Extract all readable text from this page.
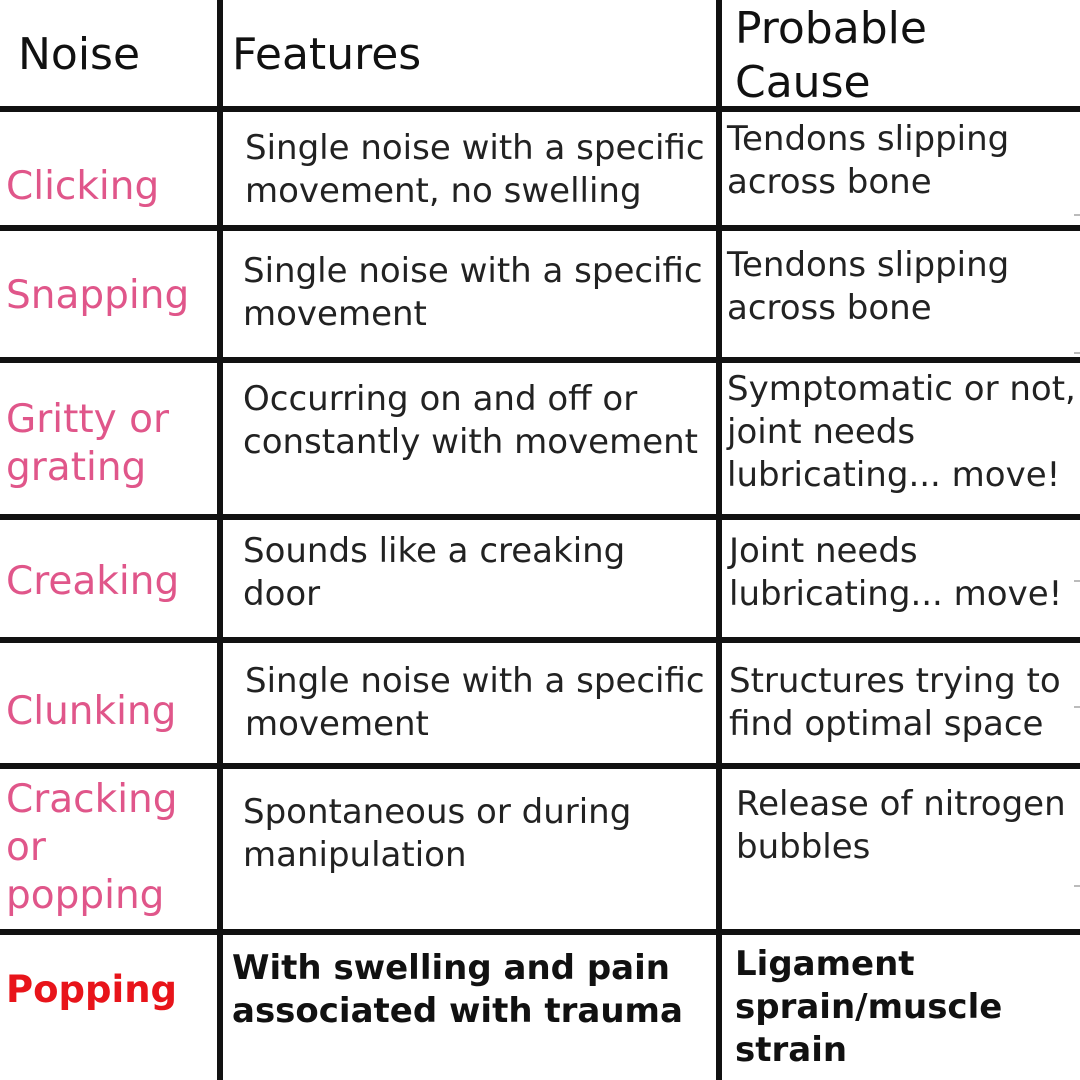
Noise Features
Probable
Cause
Clicking
Single noise with a specific
movement, no swelling
Tendons slipping
across bone
Snapping
Single noise with a specific
movement
Tendons slipping
across bone
Gritty or
grating
Occurring on and off or
constantly with movement
Symptomatic or not,
joint needs
lubricating... move!
Creaking
Sounds like a creaking
door
Joint needs
lubricating... move!
Clunking
Single noise with a specific
movement
Structures trying to
find optimal space
Cracking
or
popping
Spontaneous or during
manipulation
Release of nitrogen
bubbles
Popping With swelling and pain
associated with trauma
Ligament
sprain/muscle
strain
